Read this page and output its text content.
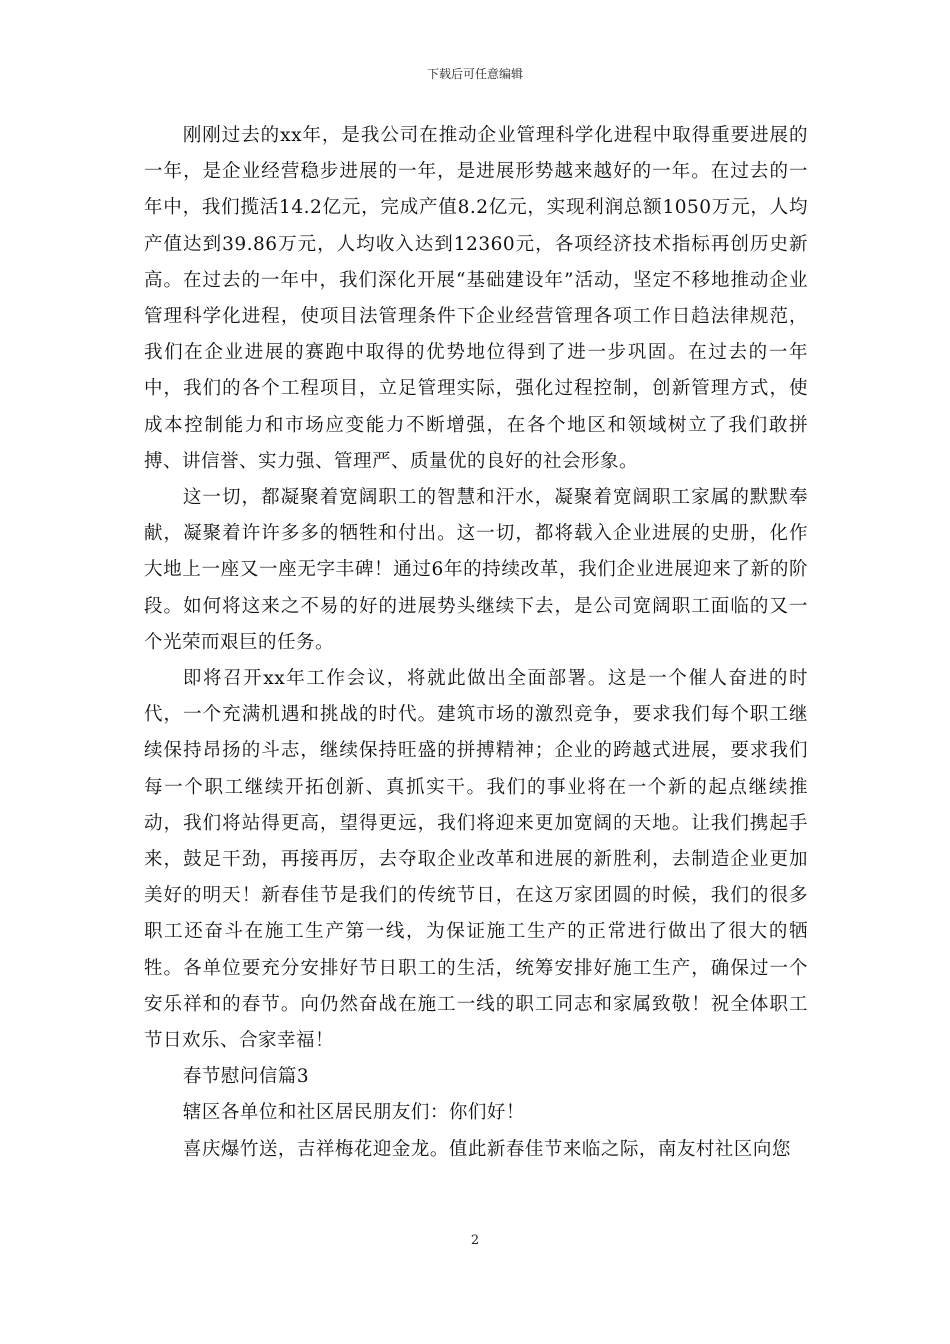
下载后可任意编辑

刚刚过去的xx年，是我公司在推动企业管理科学化进程中取得重要进展的一年，是企业经营稳步进展的一年，是进展形势越来越好的一年。在过去的一年中，我们揽活14.2亿元，完成产值8.2亿元，实现利润总额1050万元，人均产值达到39.86万元，人均收入达到12360元，各项经济技术指标再创历史新高。在过去的一年中，我们深化开展“基础建设年”活动，坚定不移地推动企业管理科学化进程，使项目法管理条件下企业经营管理各项工作日趋法律规范，我们在企业进展的赛跑中取得的优势地位得到了进一步巩固。在过去的一年中，我们的各个工程项目，立足管理实际，强化过程控制，创新管理方式，使成本控制能力和市场应变能力不断增强，在各个地区和领域树立了我们敢拼搏、讲信誉、实力强、管理严、质量优的良好的社会形象。

这一切，都凝聚着宽阔职工的智慧和汗水，凝聚着宽阔职工家属的默默奉献，凝聚着许许多多的牺牲和付出。这一切，都将载入企业进展的史册，化作大地上一座又一座无字丰碑！通过6年的持续改革，我们企业进展迎来了新的阶段。如何将这来之不易的好的进展势头继续下去，是公司宽阔职工面临的又一个光荣而艰巨的任务。

即将召开xx年工作会议，将就此做出全面部署。这是一个催人奋进的时代，一个充满机遇和挑战的时代。建筑市场的激烈竞争，要求我们每个职工继续保持昂扬的斗志，继续保持旺盛的拼搏精神；企业的跨越式进展，要求我们每一个职工继续开拓创新、真抓实干。我们的事业将在一个新的起点继续推动，我们将站得更高，望得更远，我们将迎来更加宽阔的天地。让我们携起手来，鼓足干劲，再接再厉，去夺取企业改革和进展的新胜利，去制造企业更加美好的明天！新春佳节是我们的传统节日，在这万家团圆的时候，我们的很多职工还奋斗在施工生产第一线，为保证施工生产的正常进行做出了很大的牺牲。各单位要充分安排好节日职工的生活，统筹安排好施工生产，确保过一个安乐祥和的春节。向仍然奋战在施工一线的职工同志和家属致敬！祝全体职工节日欢乐、合家幸福！

春节慰问信篇3

辖区各单位和社区居民朋友们：你们好！

喜庆爆竹送，吉祥梅花迎金龙。值此新春佳节来临之际，南友村社区向您

2
